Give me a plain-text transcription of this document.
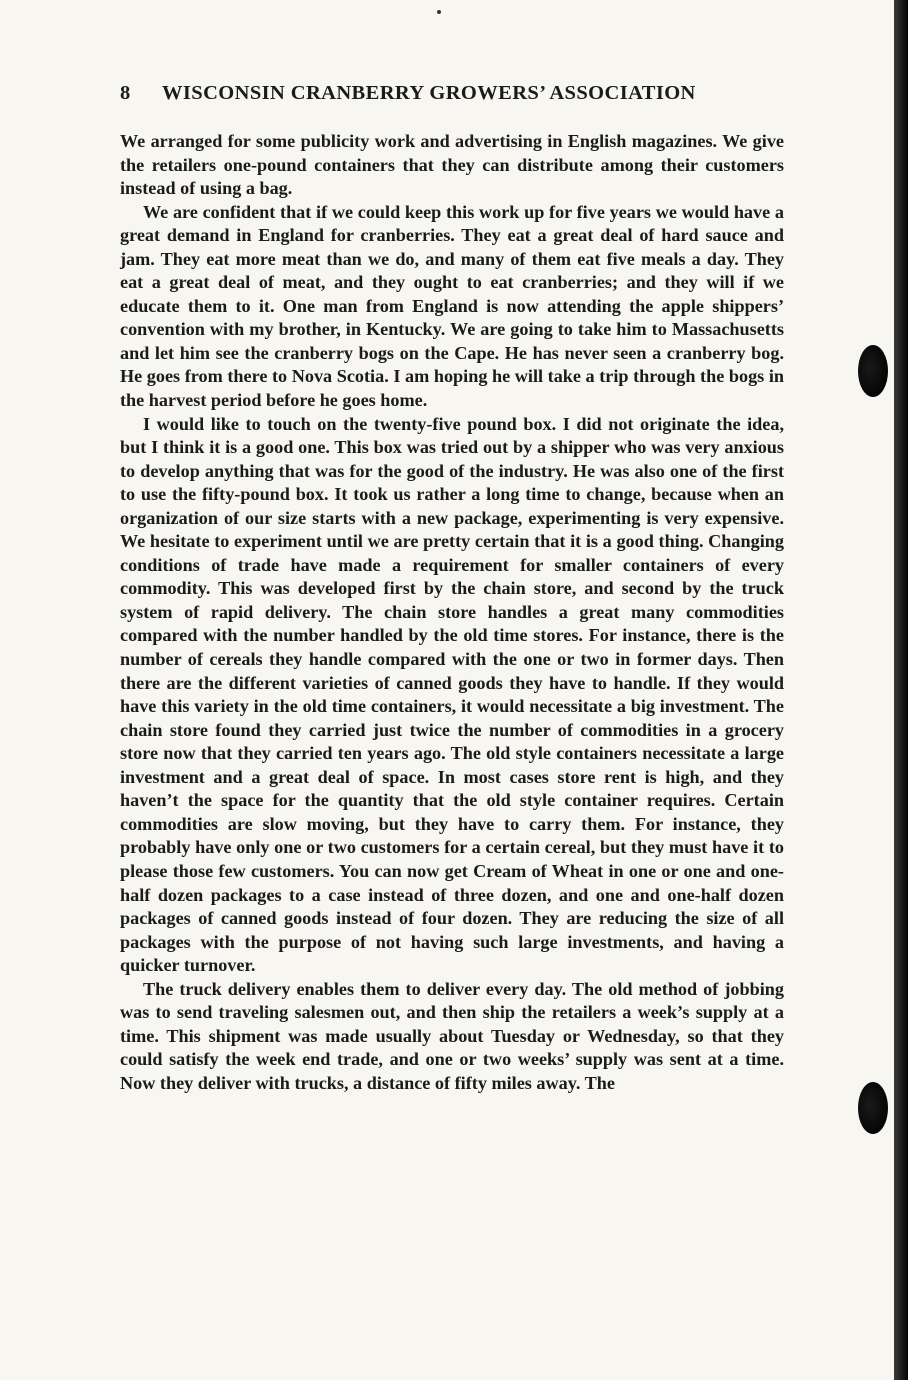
8 WISCONSIN CRANBERRY GROWERS’ ASSOCIATION

We arranged for some publicity work and advertising in English magazines. We give the retailers one-pound containers that they can distribute among their customers instead of using a bag.

We are confident that if we could keep this work up for five years we would have a great demand in England for cranberries. They eat a great deal of hard sauce and jam. They eat more meat than we do, and many of them eat five meals a day. They eat a great deal of meat, and they ought to eat cranberries; and they will if we educate them to it. One man from England is now attending the apple shippers’ convention with my brother, in Kentucky. We are going to take him to Massachusetts and let him see the cranberry bogs on the Cape. He has never seen a cranberry bog. He goes from there to Nova Scotia. I am hoping he will take a trip through the bogs in the harvest period before he goes home.

I would like to touch on the twenty-five pound box. I did not originate the idea, but I think it is a good one. This box was tried out by a shipper who was very anxious to develop anything that was for the good of the industry. He was also one of the first to use the fifty-pound box. It took us rather a long time to change, because when an organization of our size starts with a new package, experimenting is very expensive. We hesitate to experiment until we are pretty certain that it is a good thing. Changing conditions of trade have made a requirement for smaller containers of every commodity. This was developed first by the chain store, and second by the truck system of rapid delivery. The chain store handles a great many commodities compared with the number handled by the old time stores. For instance, there is the number of cereals they handle compared with the one or two in former days. Then there are the different varieties of canned goods they have to handle. If they would have this variety in the old time containers, it would necessitate a big investment. The chain store found they carried just twice the number of commodities in a grocery store now that they carried ten years ago. The old style containers necessitate a large investment and a great deal of space. In most cases store rent is high, and they haven’t the space for the quantity that the old style container requires. Certain commodities are slow moving, but they have to carry them. For instance, they probably have only one or two customers for a certain cereal, but they must have it to please those few customers. You can now get Cream of Wheat in one or one and one-half dozen packages to a case instead of three dozen, and one and one-half dozen packages of canned goods instead of four dozen. They are reducing the size of all packages with the purpose of not having such large investments, and having a quicker turnover.

The truck delivery enables them to deliver every day. The old method of jobbing was to send traveling salesmen out, and then ship the retailers a week’s supply at a time. This shipment was made usually about Tuesday or Wednesday, so that they could satisfy the week end trade, and one or two weeks’ supply was sent at a time. Now they deliver with trucks, a distance of fifty miles away. The
